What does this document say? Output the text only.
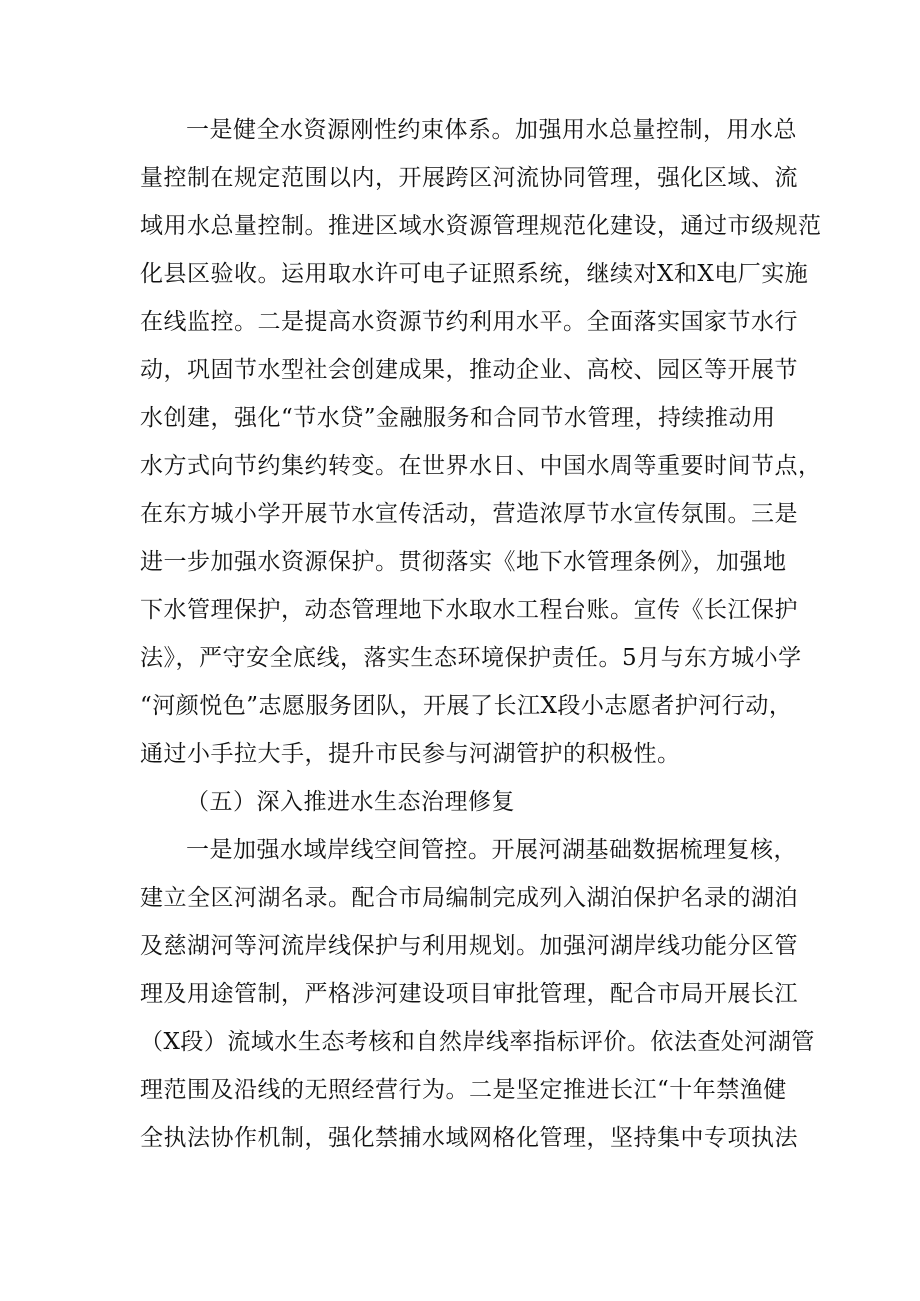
一是健全水资源刚性约束体系。加强用水总量控制，用水总
量控制在规定范围以内，开展跨区河流协同管理，强化区域、流
域用水总量控制。推进区域水资源管理规范化建设，通过市级规范
化县区验收。运用取水许可电子证照系统，继续对X和X电厂实施
在线监控。二是提高水资源节约利用水平。全面落实国家节水行
动，巩固节水型社会创建成果，推动企业、高校、园区等开展节
水创建，强化“节水贷”金融服务和合同节水管理，持续推动用
水方式向节约集约转变。在世界水日、中国水周等重要时间节点，
在东方城小学开展节水宣传活动，营造浓厚节水宣传氛围。三是
进一步加强水资源保护。贯彻落实《地下水管理条例》，加强地
下水管理保护，动态管理地下水取水工程台账。宣传《长江保护
法》，严守安全底线，落实生态环境保护责任。5月与东方城小学
“河颜悦色”志愿服务团队，开展了长江X段小志愿者护河行动，
通过小手拉大手，提升市民参与河湖管护的积极性。
（五）深入推进水生态治理修复
一是加强水域岸线空间管控。开展河湖基础数据梳理复核，
建立全区河湖名录。配合市局编制完成列入湖泊保护名录的湖泊
及慈湖河等河流岸线保护与利用规划。加强河湖岸线功能分区管
理及用途管制，严格涉河建设项目审批管理，配合市局开展长江
（X段）流域水生态考核和自然岸线率指标评价。依法查处河湖管
理范围及沿线的无照经营行为。二是坚定推进长江“十年禁渔健
全执法协作机制，强化禁捕水域网格化管理，坚持集中专项执法
